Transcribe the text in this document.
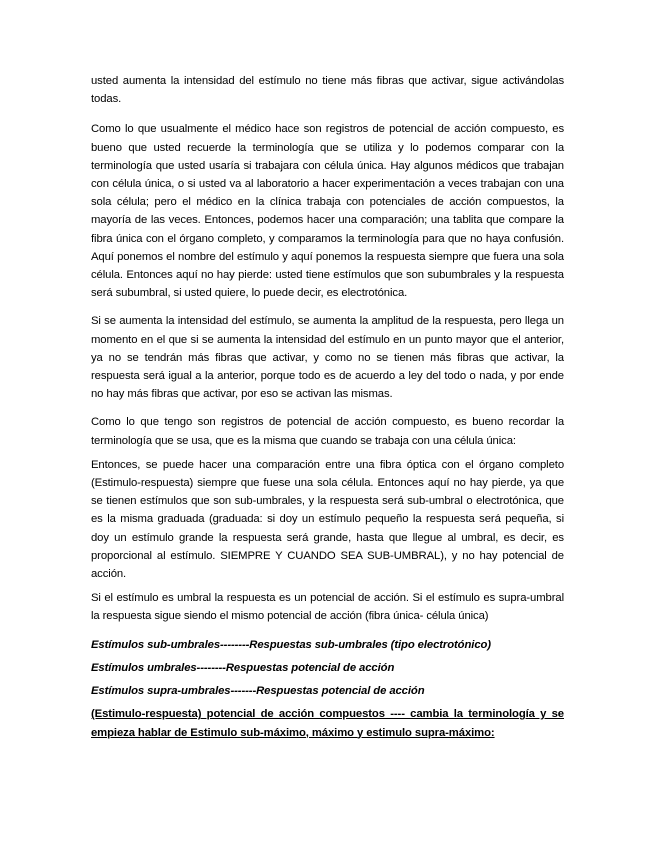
usted aumenta la intensidad del estímulo no tiene más fibras que activar, sigue activándolas todas.

Como lo que usualmente el médico hace son registros de potencial de acción compuesto, es bueno que usted recuerde la terminología que se utiliza y lo podemos comparar con la terminología que usted usaría si trabajara con célula única. Hay algunos médicos que trabajan con célula única, o si usted va al laboratorio a hacer experimentación a veces trabajan con una sola célula; pero el médico en la clínica trabaja con potenciales de acción compuestos, la mayoría de las veces. Entonces, podemos hacer una comparación; una tablita que compare la fibra única con el órgano completo, y comparamos la terminología para que no haya confusión. Aquí ponemos el nombre del estímulo y aquí ponemos la respuesta siempre que fuera una sola célula. Entonces aquí no hay pierde: usted tiene estímulos que son subumbrales y la respuesta será subumbral, si usted quiere, lo puede decir, es electrotónica.

Si se aumenta la intensidad del estímulo, se aumenta la amplitud de la respuesta, pero llega un momento en el que si se aumenta la intensidad del estímulo en un punto mayor que el anterior, ya no se tendrán más fibras que activar, y como no se tienen más fibras que activar, la respuesta será igual a la anterior, porque todo es de acuerdo a ley del todo o nada, y por ende no hay más fibras que activar, por eso se activan las mismas.

Como lo que tengo son registros de potencial de acción compuesto, es bueno recordar la terminología que se usa, que es la misma que cuando se trabaja con una célula única:

Entonces, se puede hacer una comparación entre una fibra óptica con el órgano completo (Estimulo-respuesta) siempre que fuese una sola célula. Entonces aquí no hay pierde, ya que se tienen estímulos que son sub-umbrales, y la respuesta será sub-umbral o electrotónica, que es la misma graduada (graduada: si doy un estímulo pequeño la respuesta será pequeña, si doy un estímulo grande la respuesta será grande, hasta que llegue al umbral, es decir, es proporcional al estímulo. SIEMPRE Y CUANDO SEA SUB-UMBRAL), y no hay potencial de acción.

Si el estímulo es umbral la respuesta es un potencial de acción. Si el estímulo es supra-umbral la respuesta sigue siendo el mismo potencial de acción (fibra única- célula única)

Estímulos sub-umbrales--------Respuestas sub-umbrales (tipo electrotónico)

Estímulos umbrales--------Respuestas potencial de acción

Estímulos supra-umbrales-------Respuestas potencial de acción

(Estimulo-respuesta) potencial de acción compuestos ---- cambia la terminología y se empieza hablar de Estimulo sub-máximo, máximo y estimulo supra-máximo:
